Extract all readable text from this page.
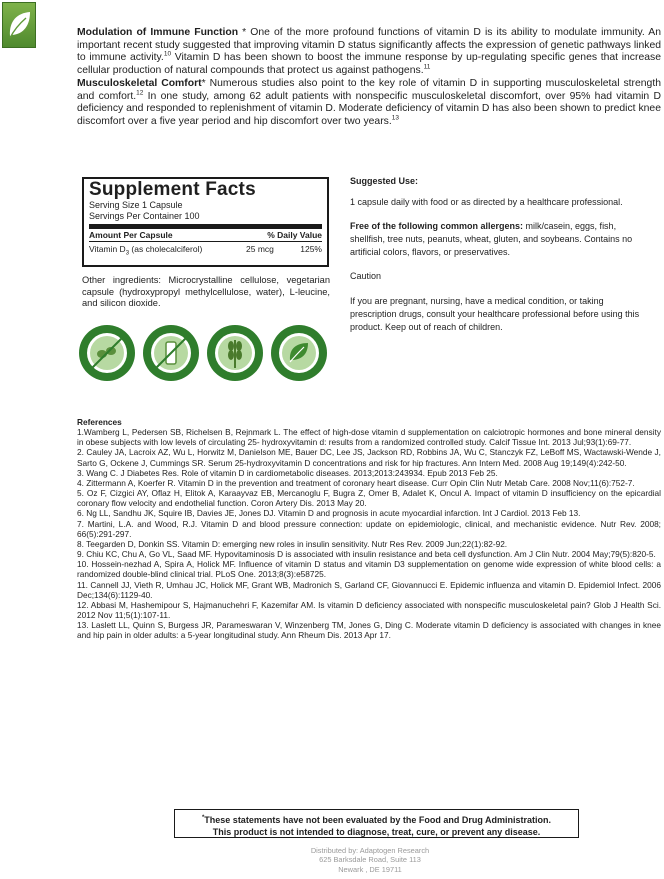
Modulation of Immune Function * One of the more profound functions of vitamin D is its ability to modulate immunity. An important recent study suggested that improving vitamin D status significantly affects the expression of genetic pathways linked to immune activity.$^{10}$ Vitamin D has been shown to boost the immune response by up-regulating specific genes that increase cellular production of natural compounds that protect us against pathogens.$^{11}$

Musculoskeletal Comfort* Numerous studies also point to the key role of vitamin D in supporting musculoskeletal strength and comfort.$^{12}$ In one study, among 62 adult patients with nonspecific musculoskeletal discomfort, over 95% had vitamin D deficiency and responded to replenishment of vitamin D. Moderate deficiency of vitamin D has also been shown to predict knee discomfort over a five year period and hip discomfort over two years.$^{13}$

Supplement Facts
Serving Size 1 Capsule
Servings Per Container 100
Amount Per Capsule	% Daily Value
Vitamin $D_3$ (as cholecalciferol)	25 mcg	125%
Other ingredients: Microcrystalline cellulose, vegetarian capsule (hydroxypropyl methylcellulose, water), L-leucine, and silicon dioxide.

Suggested Use:

1 capsule daily with food or as directed by a healthcare professional.

Free of the following common allergens: milk/casein, eggs, fish, shellfish, tree nuts, peanuts, wheat, gluten, and soybeans. Contains no artificial colors, flavors, or preservatives.

Caution

If you are pregnant, nursing, have a medical condition, or taking prescription drugs, consult your healthcare professional before using this product. Keep out of reach of children.

References

1.Wamberg L, Pedersen SB, Richelsen B, Rejnmark L. The effect of high-dose vitamin d supplementation on calciotropic hormones and bone mineral density in obese subjects with low levels of circulating 25- hydroxyvitamin d: results from a randomized controlled study. Calcif Tissue Int. 2013 Jul;93(1):69-77.

2. Cauley JA, Lacroix AZ, Wu L, Horwitz M, Danielson ME, Bauer DC, Lee JS, Jackson RD, Robbins JA, Wu C, Stanczyk FZ, LeBoff MS, Wactawski-Wende J, Sarto G, Ockene J, Cummings SR. Serum 25-hydroxyvitamin D concentrations and risk for hip fractures. Ann Intern Med. 2008 Aug 19;149(4):242-50.

3. Wang C. J Diabetes Res. Role of vitamin D in cardiometabolic diseases. 2013;2013:243934. Epub 2013 Feb 25.

4. Zittermann A, Koerfer R. Vitamin D in the prevention and treatment of coronary heart disease. Curr Opin Clin Nutr Metab Care. 2008 Nov;11(6):752-7.

5. Oz F, Cizgici AY, Oflaz H, Elitok A, Karaayvaz EB, Mercanoglu F, Bugra Z, Omer B, Adalet K, Oncul A. Impact of vitamin D insufficiency on the epicardial coronary flow velocity and endothelial function. Coron Artery Dis. 2013 May 20.

6. Ng LL, Sandhu JK, Squire IB, Davies JE, Jones DJ. Vitamin D and prognosis in acute myocardial infarction. Int J Cardiol. 2013 Feb 13.

7. Martini, L.A. and Wood, R.J. Vitamin D and blood pressure connection: update on epidemiologic, clinical, and mechanistic evidence. Nutr Rev. 2008; 66(5):291-297.

8. Teegarden D, Donkin SS. Vitamin D: emerging new roles in insulin sensitivity. Nutr Res Rev. 2009 Jun;22(1):82-92.

9. Chiu KC, Chu A, Go VL, Saad MF. Hypovitaminosis D is associated with insulin resistance and beta cell dysfunction. Am J Clin Nutr. 2004 May;79(5):820-5.

10. Hossein-nezhad A, Spira A, Holick MF. Influence of vitamin D status and vitamin D3 supplementation on genome wide expression of white blood cells: a randomized double-blind clinical trial. PLoS One. 2013;8(3):e58725.

11. Cannell JJ, Vieth R, Umhau JC, Holick MF, Grant WB, Madronich S, Garland CF, Giovannucci E. Epidemic influenza and vitamin D. Epidemiol Infect. 2006 Dec;134(6):1129-40.

12. Abbasi M, Hashemipour S, Hajmanuchehri F, Kazemifar AM. Is vitamin D deficiency associated with nonspecific musculoskeletal pain? Glob J Health Sci. 2012 Nov 11;5(1):107-11.

13. Laslett LL, Quinn S, Burgess JR, Parameswaran V, Winzenberg TM, Jones G, Ding C. Moderate vitamin D deficiency is associated with changes in knee and hip pain in older adults: a 5-year longitudinal study. Ann Rheum Dis. 2013 Apr 17.

*These statements have not been evaluated by the Food and Drug Administration.
This product is not intended to diagnose, treat, cure, or prevent any disease.
Distributed by: Adaptogen Research
625 Barksdale Road, Suite 113
Newark , DE 19711
